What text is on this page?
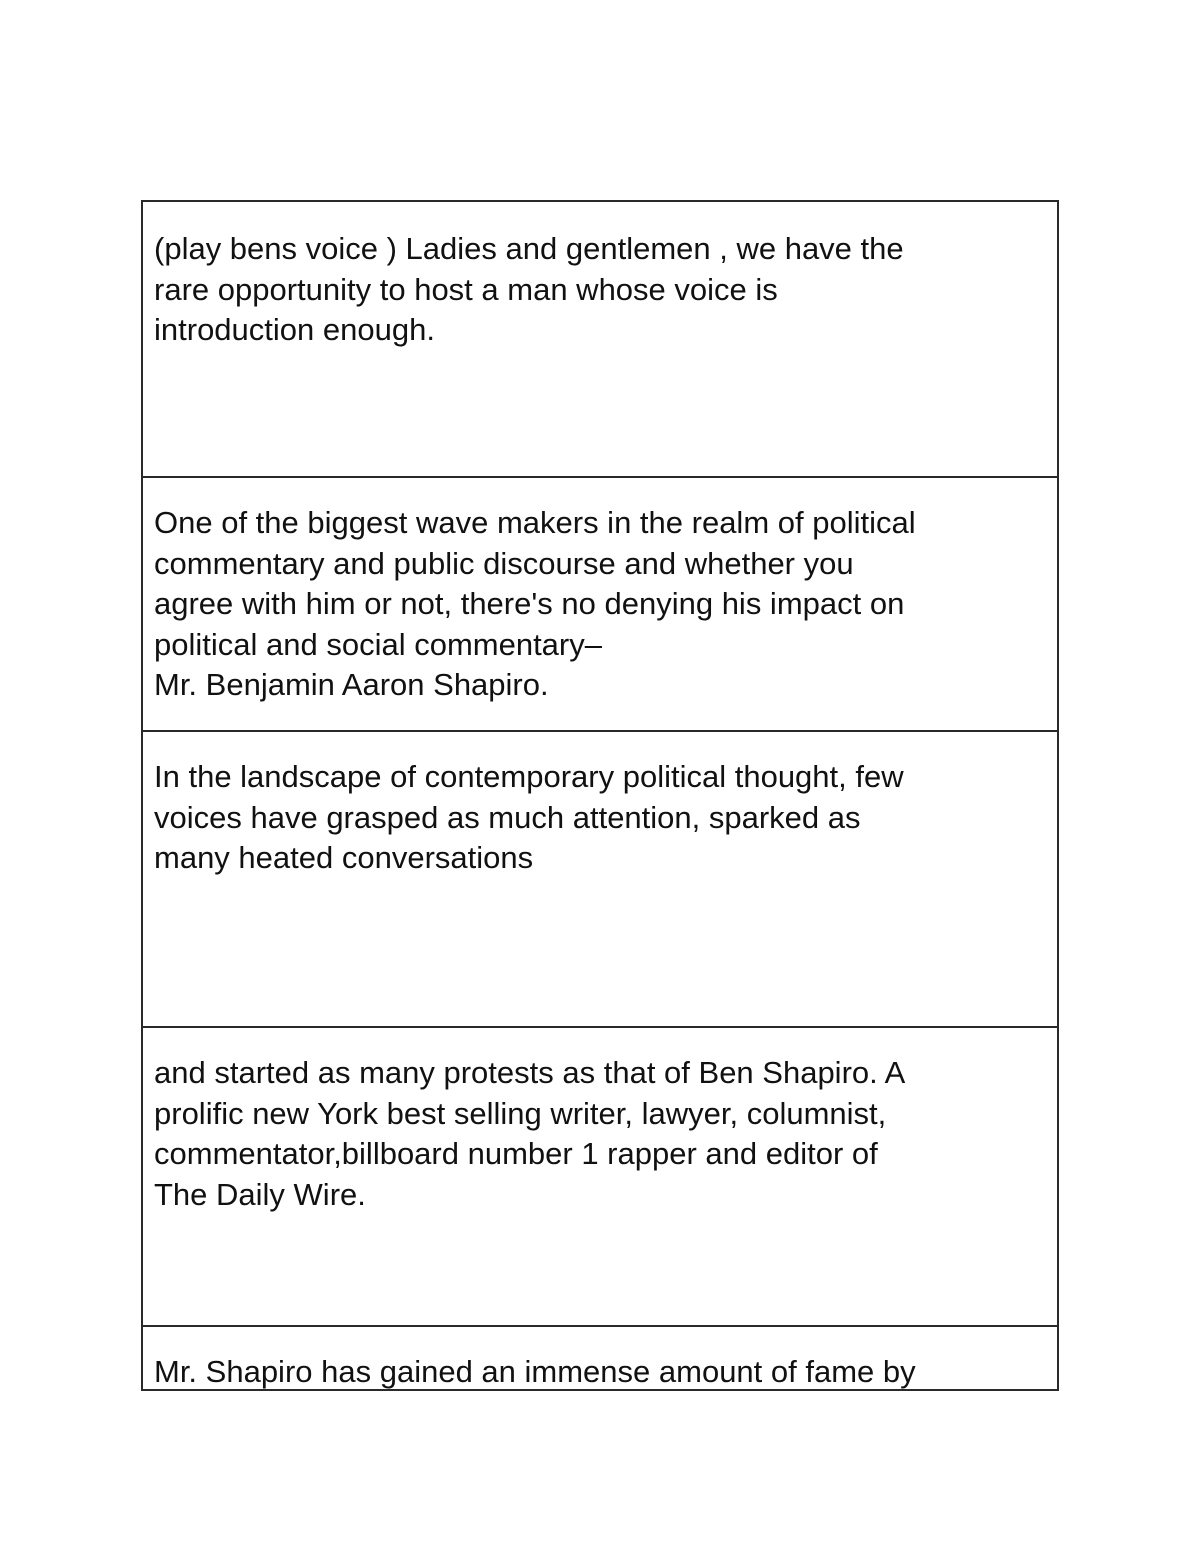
(play bens voice ) Ladies and gentlemen , we have the
rare opportunity to host a man whose voice is
introduction enough.

One of the biggest wave makers in the realm of political
commentary and public discourse and whether you
agree with him or not, there's no denying his impact on
political and social commentary–
Mr. Benjamin Aaron Shapiro.

In the landscape of contemporary political thought, few
voices have grasped as much attention, sparked as
many heated conversations

and started as many protests as that of Ben Shapiro. A
prolific new York best selling writer, lawyer, columnist,
commentator,billboard number 1 rapper and editor of
The Daily Wire.

Mr. Shapiro has gained an immense amount of fame by
